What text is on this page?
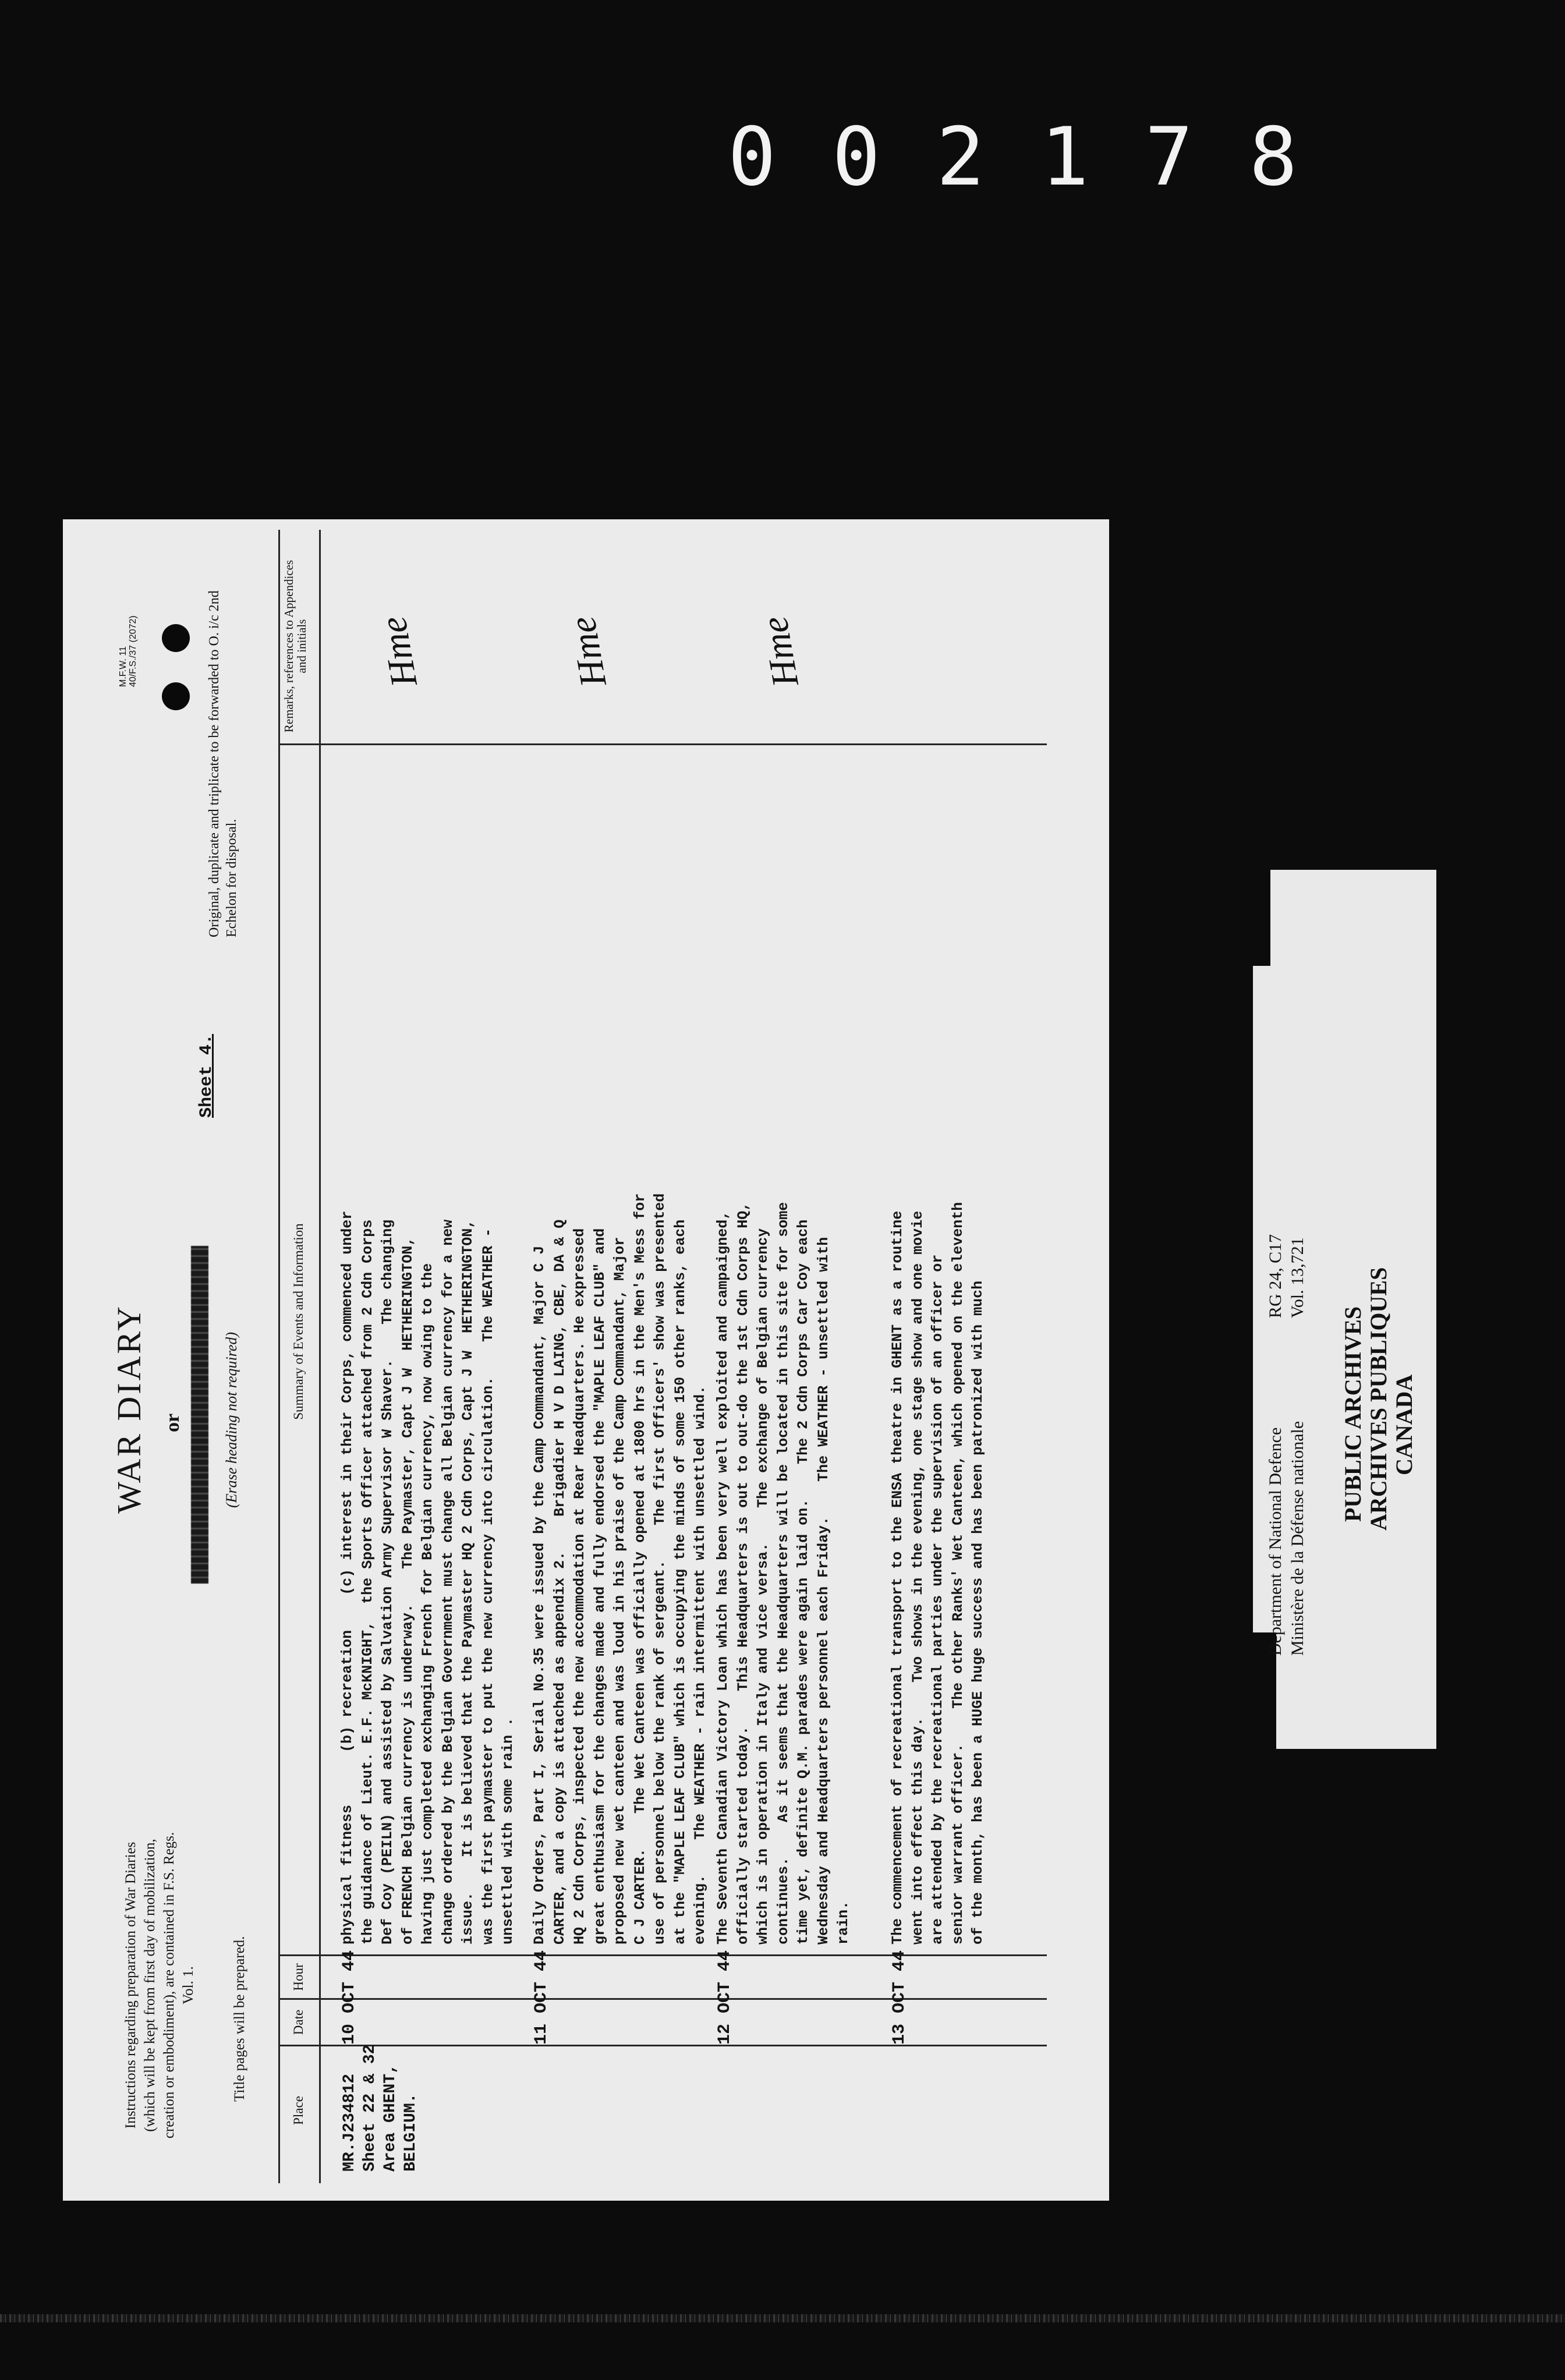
002178
Instructions regarding preparation of War Diaries (which will be kept from first day of mobilization, creation or embodiment), are contained in F.S. Regs. Vol. 1. Title pages will be prepared.
WAR DIARY or	(Erase heading not required)
Sheet 4.
M.F.W. 11 40/F.S./37 (2072)	Original, duplicate and triplicate to be forwarded to O. i/c 2nd Echelon for disposal.
Place
Date
Hour
Summary of Events and Information
Remarks, references to Appendices and initials
MR.J234812
Sheet 22 & 32
Area GHENT,
BELGIUM.
10 OCT 44
physical fitness      (b) recreation    (c) interest in their Corps, commenced under
the guidance of Lieut. E.F. McKNIGHT,  the Sports Officer attached from 2 Cdn Corps
Def Coy (PEILN) and assisted by Salvation Army Supervisor W Shaver.    The changing
of FRENCH Belgian currency is underway.    The Paymaster, Capt J W  HETHERINGTON,
having just completed exchanging French for Belgian currency, now owing to the
change ordered by the Belgian Government must change all Belgian currency for a new
issue.    It is believed that the Paymaster HQ 2 Cdn Corps, Capt J W  HETHERINGTON,
was the first paymaster to put the new currency into circulation.    The WEATHER -
unsettled with some rain .
Hme
11 OCT 44
Daily Orders, Part I, Serial No.35 were issued by the Camp Commandant, Major C J
CARTER, and a copy is attached as appendix 2.    Brigadier H V D LAING, CBE, DA & Q
HQ 2 Cdn Corps, inspected the new accommodation at Rear Headquarters. He expressed
great enthusiasm for the changes made and fully endorsed the "MAPLE LEAF CLUB" and
proposed new wet canteen and was loud in his praise of the Camp Commandant, Major
C J CARTER.    The Wet Canteen was officially opened at 1800 hrs in the Men's Mess for
use of personnel below the rank of sergeant.    The first Officers' show was presented
at the "MAPLE LEAF CLUB" which is occupying the minds of some 150 other ranks, each
evening.    The WEATHER - rain intermittent with unsettled wind.
Hme
12 OCT 44
The Seventh Canadian Victory Loan which has been very well exploited and campaigned,
officially started today.    This Headquarters is out to out-do the 1st Cdn Corps HQ,
which is in operation in Italy and vice versa.    The exchange of Belgian currency
continues.    As it seems that the Headquarters will be located in this site for some
time yet, definite Q.M. parades were again laid on.    The 2 Cdn Corps Car Coy each
Wednesday and Headquarters personnel each Friday.    The WEATHER - unsettled with
rain.
Hme
13 OCT 44
The commencement of recreational transport to the ENSA theatre in GHENT as a routine
went into effect this day.    Two shows in the evening, one stage show and one movie
are attended by the recreational parties under the supervision of an officer or
senior warrant officer.    The other Ranks' Wet Canteen, which opened on the eleventh
of the month, has been a HUGE huge success and has been patronized with much
Department of National Defence Ministère de la Défense nationale
RG 24, C17 Vol. 13,721
PUBLIC ARCHIVES ARCHIVES PUBLIQUES CANADA
